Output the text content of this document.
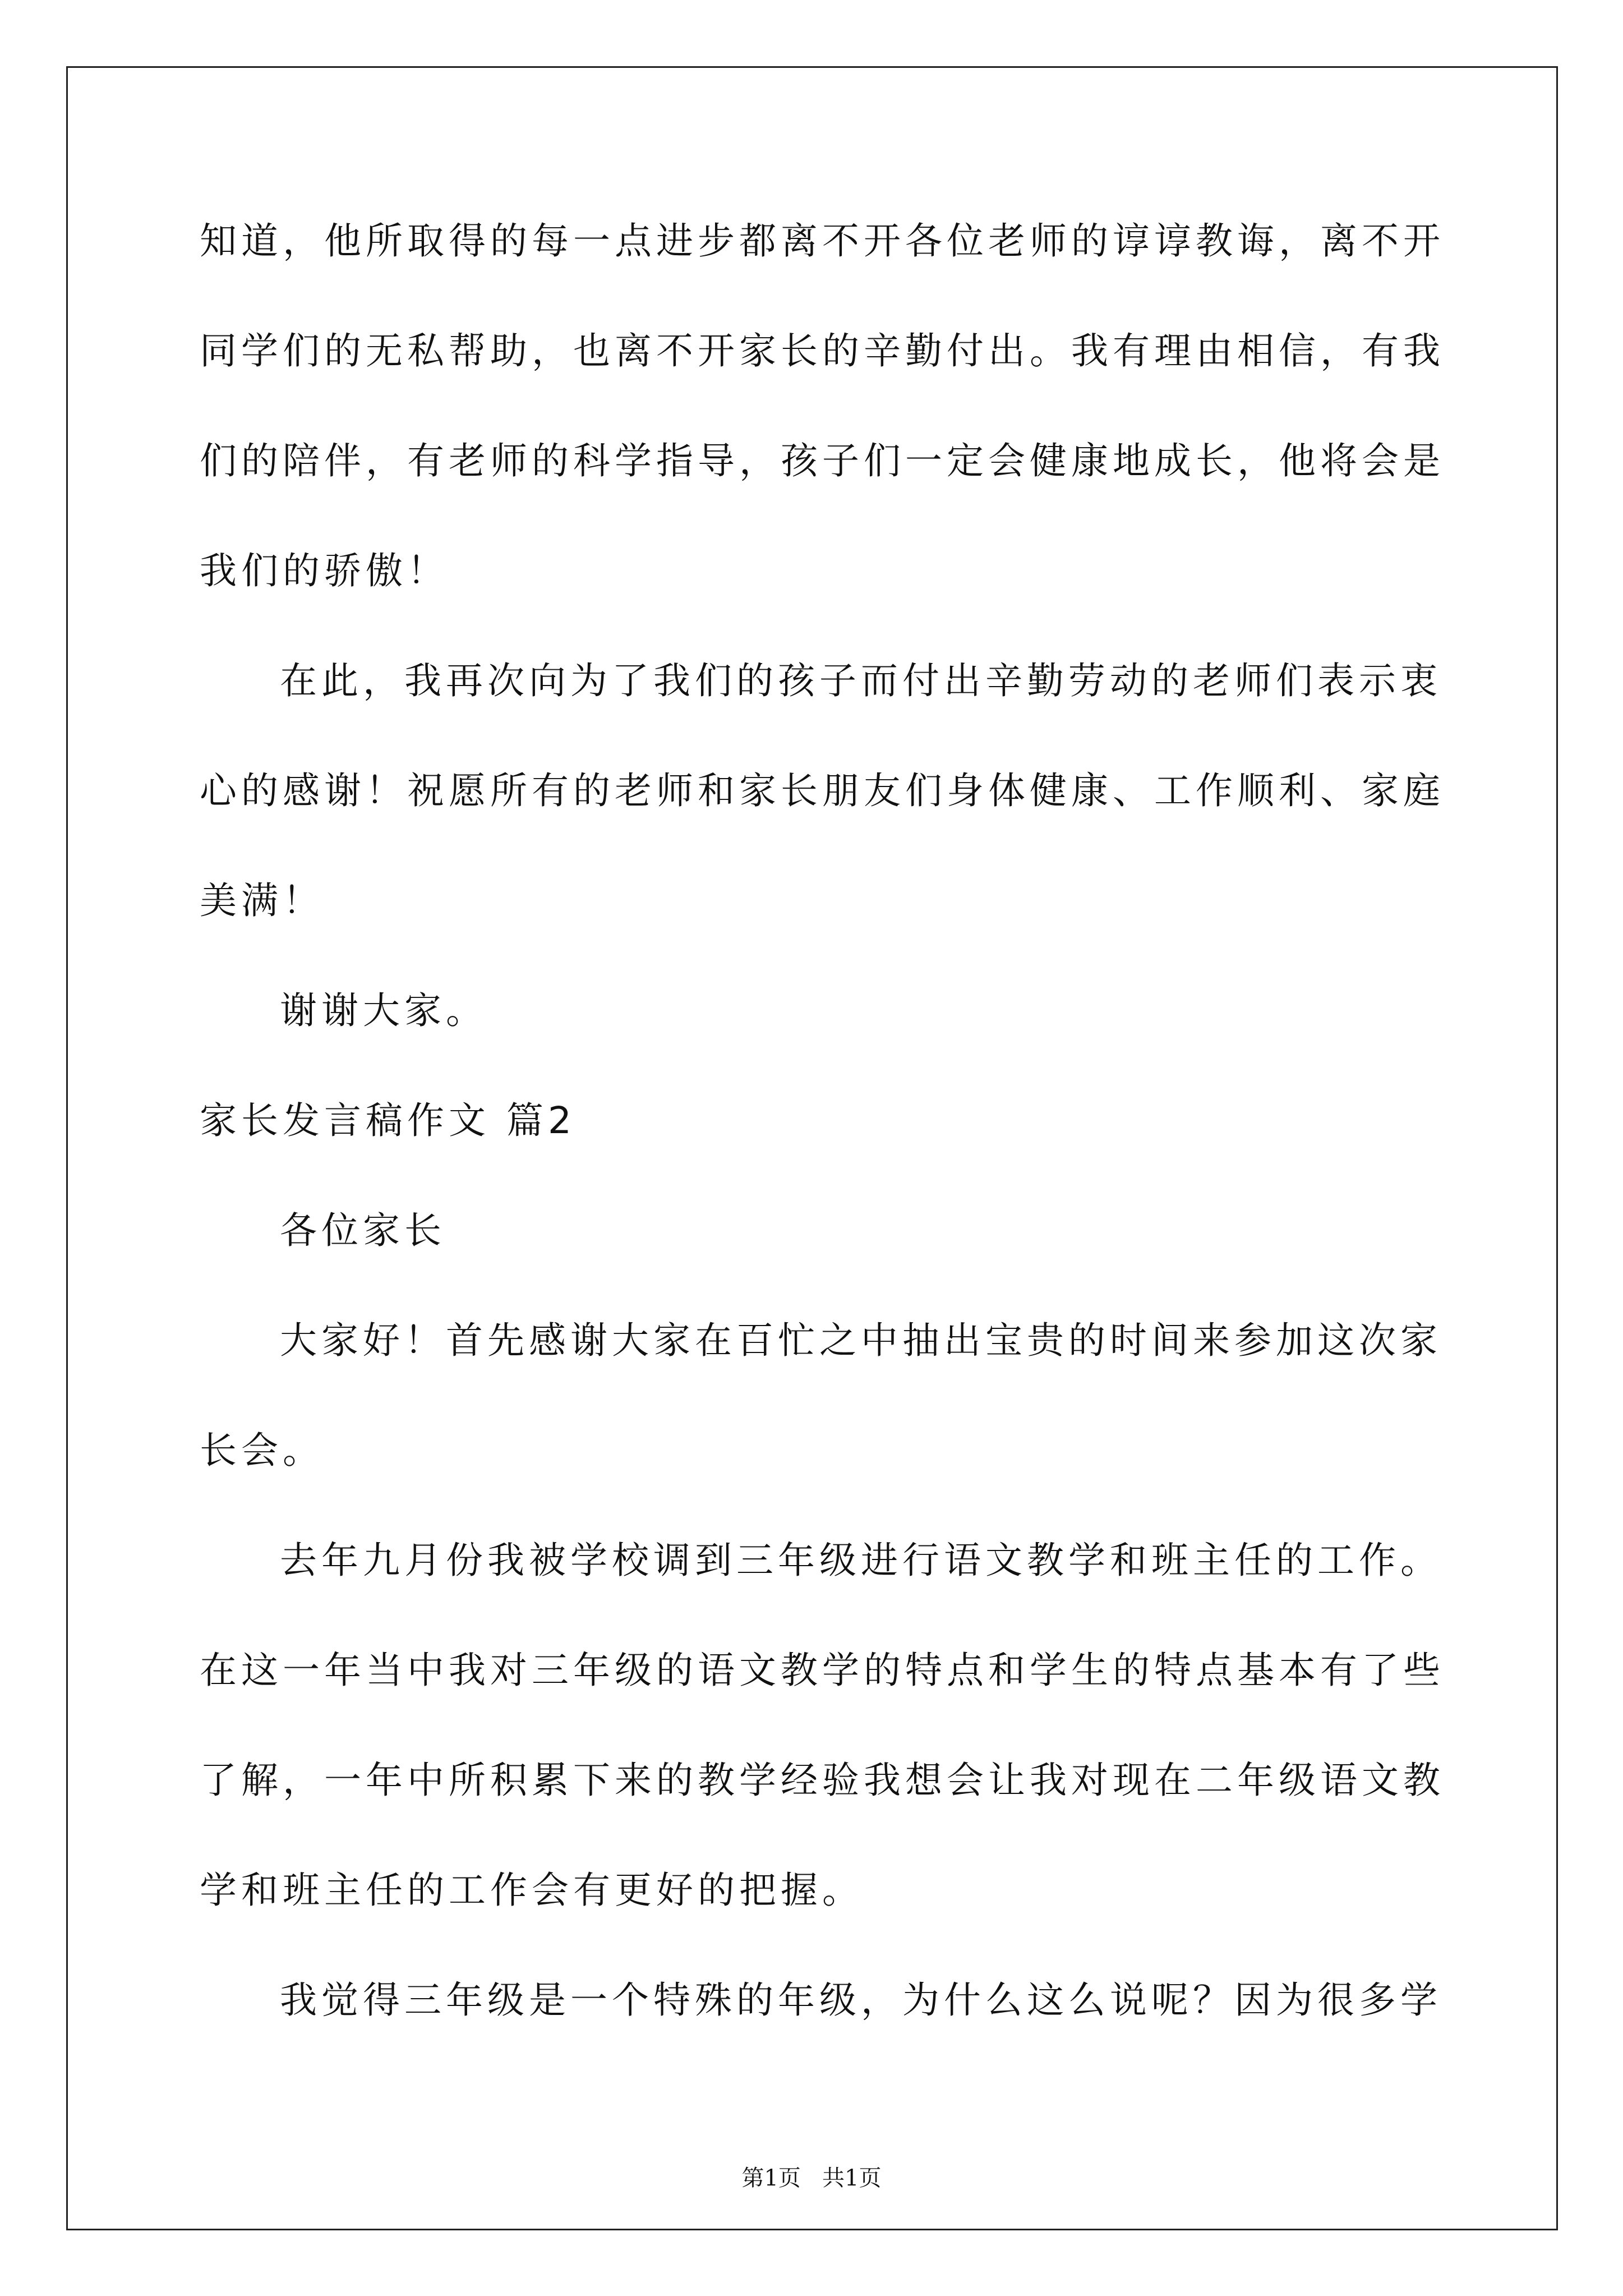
知道，他所取得的每一点进步都离不开各位老师的谆谆教诲，离不开
同学们的无私帮助，也离不开家长的辛勤付出。我有理由相信，有我
们的陪伴，有老师的科学指导，孩子们一定会健康地成长，他将会是
我们的骄傲！
在此，我再次向为了我们的孩子而付出辛勤劳动的老师们表示衷
心的感谢！祝愿所有的老师和家长朋友们身体健康、工作顺利、家庭
美满！
谢谢大家。
家长发言稿作文 篇2
各位家长
大家好！首先感谢大家在百忙之中抽出宝贵的时间来参加这次家
长会。
去年九月份我被学校调到三年级进行语文教学和班主任的工作。
在这一年当中我对三年级的语文教学的特点和学生的特点基本有了些
了解，一年中所积累下来的教学经验我想会让我对现在二年级语文教
学和班主任的工作会有更好的把握。
我觉得三年级是一个特殊的年级，为什么这么说呢？因为很多学
第1页   共1页
